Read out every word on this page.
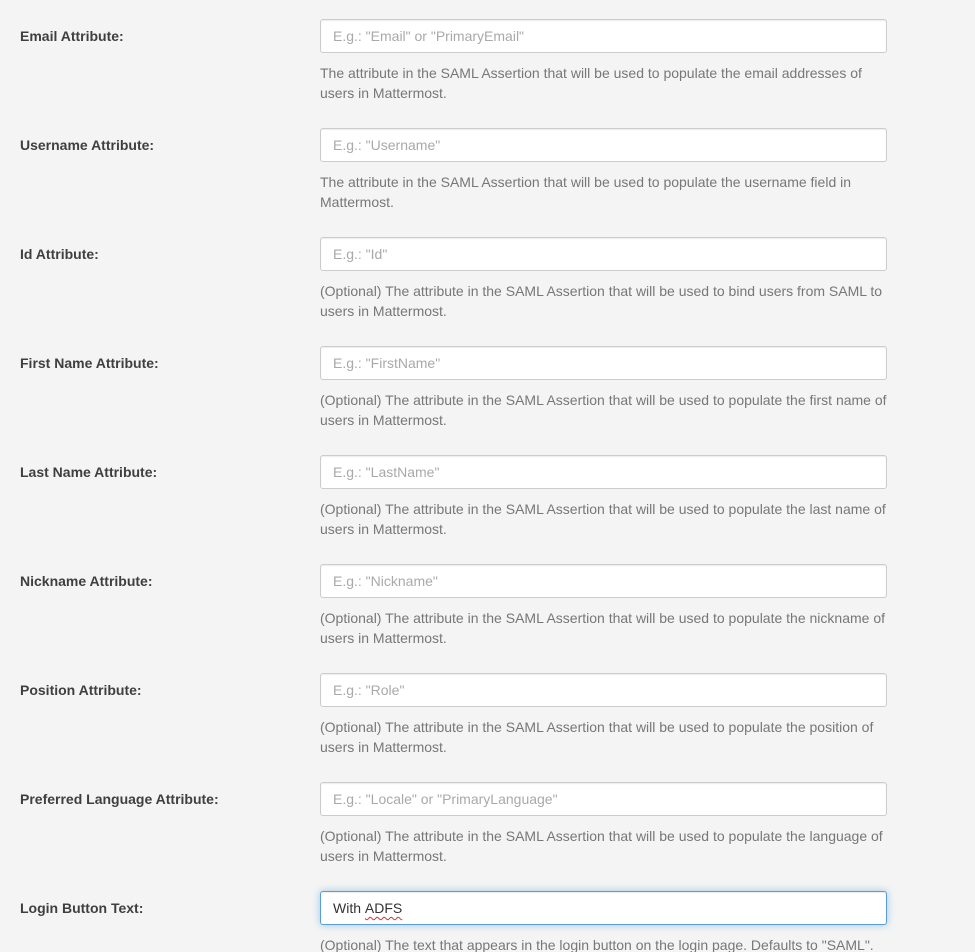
Email Attribute:
E.g.: "Email" or "PrimaryEmail"
The attribute in the SAML Assertion that will be used to populate the email addresses of users in Mattermost.
Username Attribute:
E.g.: "Username"
The attribute in the SAML Assertion that will be used to populate the username field in Mattermost.
Id Attribute:
E.g.: "Id"
(Optional) The attribute in the SAML Assertion that will be used to bind users from SAML to users in Mattermost.
First Name Attribute:
E.g.: "FirstName"
(Optional) The attribute in the SAML Assertion that will be used to populate the first name of users in Mattermost.
Last Name Attribute:
E.g.: "LastName"
(Optional) The attribute in the SAML Assertion that will be used to populate the last name of users in Mattermost.
Nickname Attribute:
E.g.: "Nickname"
(Optional) The attribute in the SAML Assertion that will be used to populate the nickname of users in Mattermost.
Position Attribute:
E.g.: "Role"
(Optional) The attribute in the SAML Assertion that will be used to populate the position of users in Mattermost.
Preferred Language Attribute:
E.g.: "Locale" or "PrimaryLanguage"
(Optional) The attribute in the SAML Assertion that will be used to populate the language of users in Mattermost.
Login Button Text:	With ADFS
(Optional) The text that appears in the login button on the login page. Defaults to "SAML".
